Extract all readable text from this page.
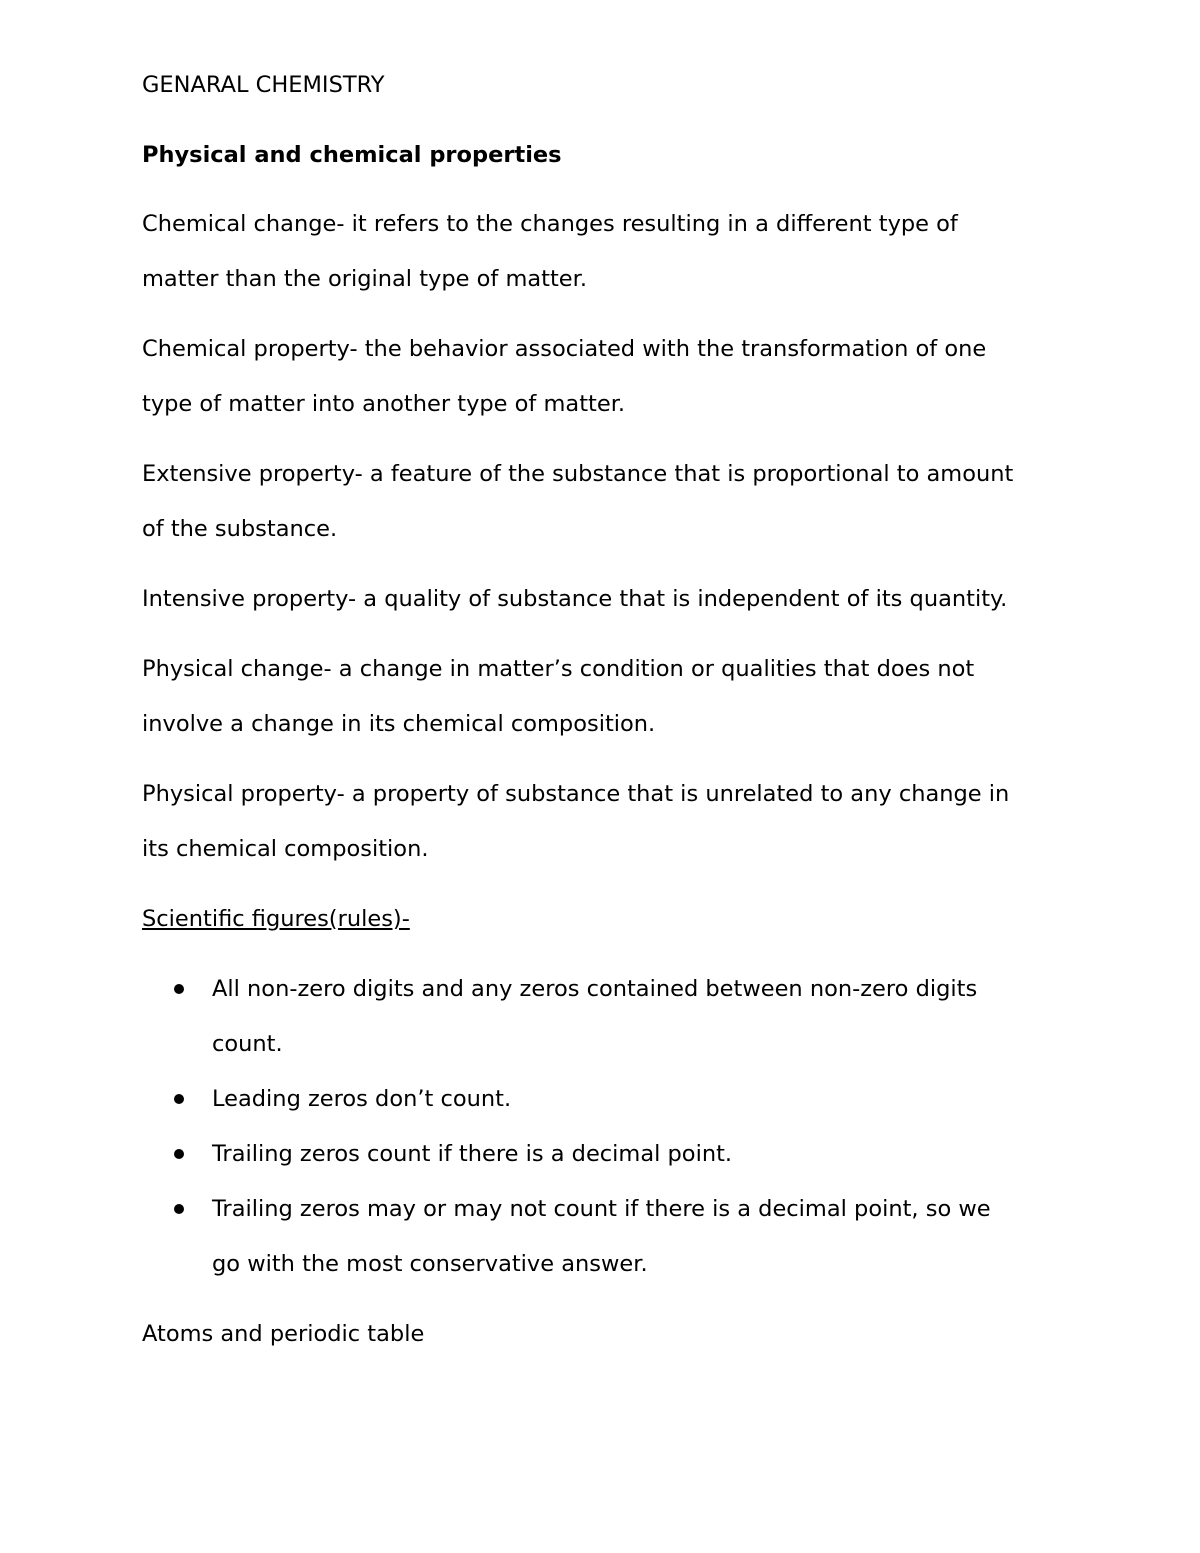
GENARAL CHEMISTRY

Physical and chemical properties

Chemical change- it refers to the changes resulting in a different type of

matter than the original type of matter.

Chemical property- the behavior associated with the transformation of one

type of matter into another type of matter.

Extensive property- a feature of the substance that is proportional to amount

of the substance.

Intensive property- a quality of substance that is independent of its quantity.

Physical change- a change in matter’s condition or qualities that does not

involve a change in its chemical composition.

Physical property- a property of substance that is unrelated to any change in

its chemical composition.

Scientific figures(rules)-

All non-zero digits and any zeros contained between non-zero digits

count.

Leading zeros don’t count.

Trailing zeros count if there is a decimal point.

Trailing zeros may or may not count if there is a decimal point, so we

go with the most conservative answer.

Atoms and periodic table
